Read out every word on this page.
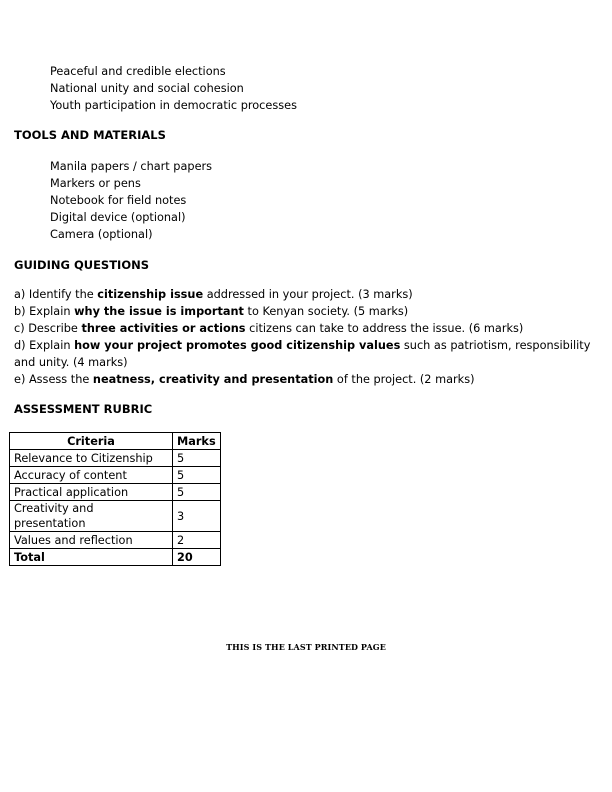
Peaceful and credible elections
National unity and social cohesion
Youth participation in democratic processes
TOOLS AND MATERIALS
Manila papers / chart papers
Markers or pens
Notebook for field notes
Digital device (optional)
Camera (optional)
GUIDING QUESTIONS

a) Identify the citizenship issue addressed in your project. (3 marks)

b) Explain why the issue is important to Kenyan society. (5 marks)

c) Describe three activities or actions citizens can take to address the issue. (6 marks)

d) Explain how your project promotes good citizenship values such as patriotism, responsibility and unity. (4 marks)

e) Assess the neatness, creativity and presentation of the project. (2 marks)

ASSESSMENT RUBRIC
Criteria	Marks
Relevance to Citizenship	5
Accuracy of content	5
Practical application	5
Creativity and presentation	3
Values and reflection	2
Total	20
THIS IS THE LAST PRINTED PAGE
